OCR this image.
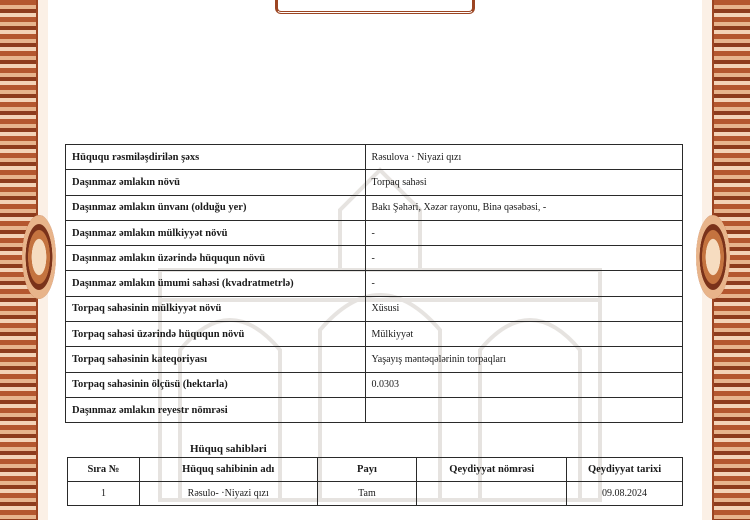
Hüququ rəsmiləşdirilən şəxs	Rəsulova · Niyazi qızı
Daşınmaz əmlakın növü	Torpaq sahəsi
Daşınmaz əmlakın ünvanı (olduğu yer)	Bakı Şəhəri, Xəzər rayonu, Binə qəsəbəsi, -
Daşınmaz əmlakın mülkiyyət növü	-
Daşınmaz əmlakın üzərində hüququn növü	-
Daşınmaz əmlakın ümumi sahəsi (kvadratmetrlə)	-
Torpaq sahəsinin mülkiyyət növü	Xüsusi
Torpaq sahəsi üzərində hüququn növü	Mülkiyyət
Torpaq sahəsinin kateqoriyası	Yaşayış məntəqələrinin torpaqları
Torpaq sahəsinin ölçüsü (hektarla)	0.0303
Daşınmaz əmlakın reyestr nömrəsi	
Hüquq sahibləri
Sıra №	Hüquq sahibinin adı	Payı	Qeydiyyat nömrəsi	Qeydiyyat tarixi
1	Rəsulo- ·Niyazi qızı	Tam		09.08.2024
